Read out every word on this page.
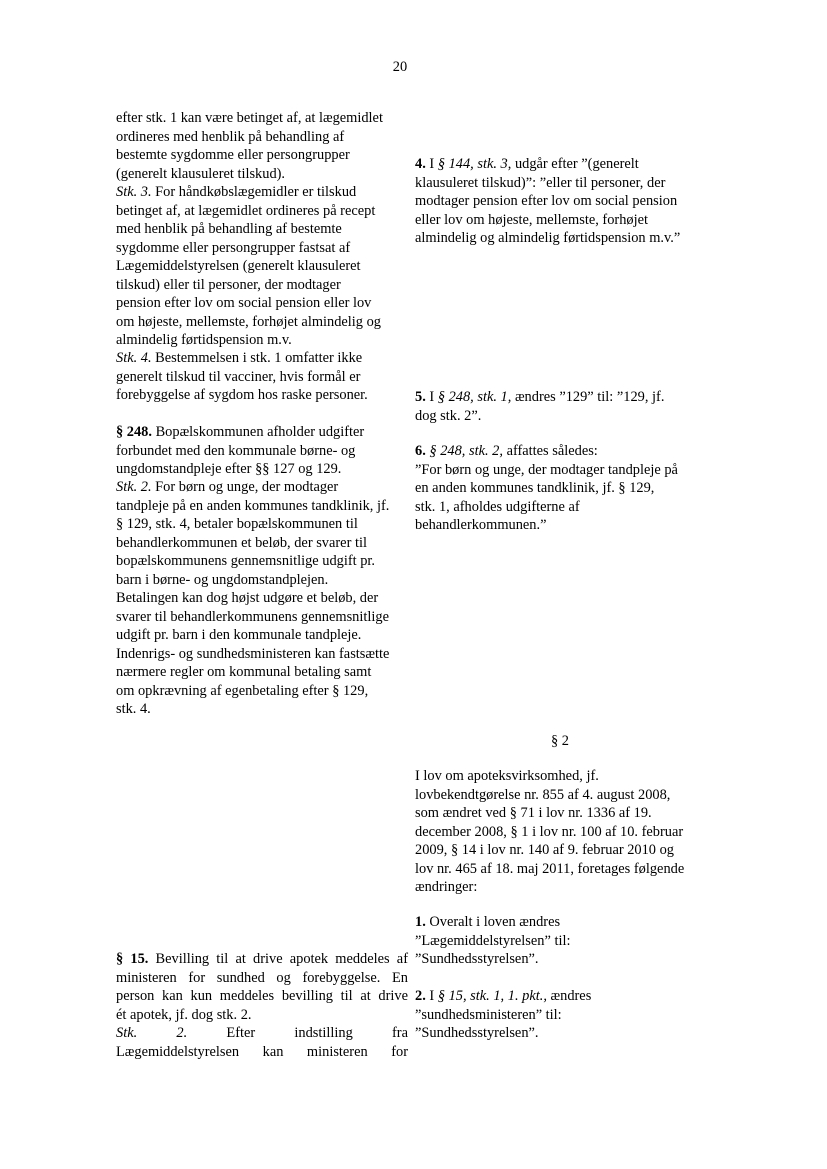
20
efter stk. 1 kan være betinget af, at lægemidlet
ordineres med henblik på behandling af
bestemte sygdomme eller persongrupper
(generelt klausuleret tilskud).
Stk. 3. For håndkøbslægemidler er tilskud
betinget af, at lægemidlet ordineres på recept
med henblik på behandling af bestemte
sygdomme eller persongrupper fastsat af
Lægemiddelstyrelsen (generelt klausuleret
tilskud) eller til personer, der modtager
pension efter lov om social pension eller lov
om højeste, mellemste, forhøjet almindelig og
almindelig førtidspension m.v.
Stk. 4. Bestemmelsen i stk. 1 omfatter ikke
generelt tilskud til vacciner, hvis formål er
forebyggelse af sygdom hos raske personer.
§ 248. Bopælskommunen afholder udgifter
forbundet med den kommunale børne- og
ungdomstandpleje efter §§ 127 og 129.
Stk. 2. For børn og unge, der modtager
tandpleje på en anden kommunes tandklinik, jf.
§ 129, stk. 4, betaler bopælskommunen til
behandlerkommunen et beløb, der svarer til
bopælskommunens gennemsnitlige udgift pr.
barn i børne- og ungdomstandplejen.
Betalingen kan dog højst udgøre et beløb, der
svarer til behandlerkommunens gennemsnitlige
udgift pr. barn i den kommunale tandpleje.
Indenrigs- og sundhedsministeren kan fastsætte
nærmere regler om kommunal betaling samt
om opkrævning af egenbetaling efter § 129,
stk. 4.
§ 15. Bevilling til at drive apotek meddeles af
ministeren for sundhed og forebyggelse. En
person kan kun meddeles bevilling til at drive
ét apotek, jf. dog stk. 2.
Stk. 2. Efter indstilling fra
Lægemiddelstyrelsen kan ministeren for
4. I § 144, stk. 3, udgår efter ”(generelt
klausuleret tilskud)”: ”eller til personer, der
modtager pension efter lov om social pension
eller lov om højeste, mellemste, forhøjet
almindelig og almindelig førtidspension m.v.”
5. I § 248, stk. 1, ændres ”129” til: ”129, jf.
dog stk. 2”.
6. § 248, stk. 2, affattes således:
”For børn og unge, der modtager tandpleje på
en anden kommunes tandklinik, jf. § 129,
stk. 1, afholdes udgifterne af
behandlerkommunen.”
§ 2
I lov om apoteksvirksomhed, jf.
lovbekendtgørelse nr. 855 af 4. august 2008,
som ændret ved § 71 i lov nr. 1336 af 19.
december 2008, § 1 i lov nr. 100 af 10. februar
2009, § 14 i lov nr. 140 af 9. februar 2010 og
lov nr. 465 af 18. maj 2011, foretages følgende
ændringer:
1. Overalt i loven ændres
”Lægemiddelstyrelsen” til:
”Sundhedsstyrelsen”.
2. I § 15, stk. 1, 1. pkt., ændres
”sundhedsministeren” til:
”Sundhedsstyrelsen”.
